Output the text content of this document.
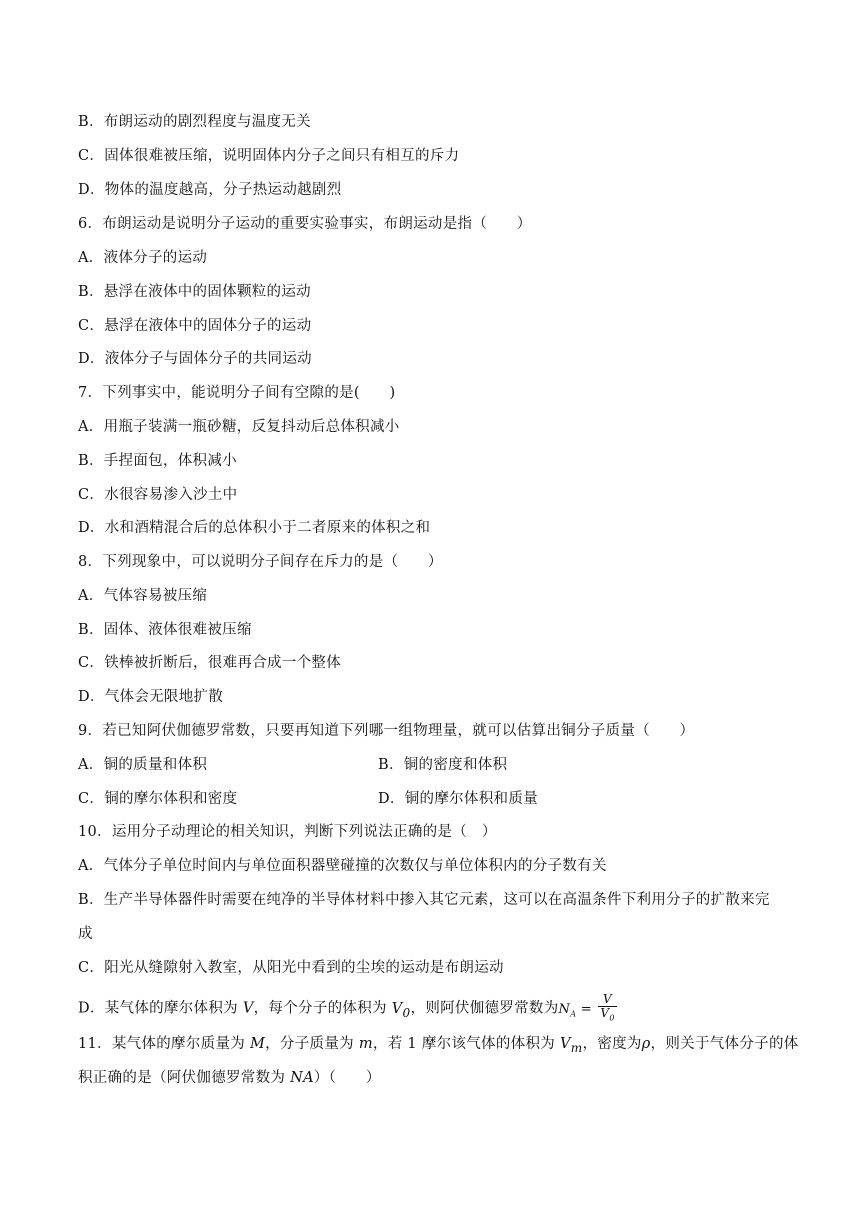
B．布朗运动的剧烈程度与温度无关
C．固体很难被压缩，说明固体内分子之间只有相互的斥力
D．物体的温度越高，分子热运动越剧烈
6．布朗运动是说明分子运动的重要实验事实，布朗运动是指（　　）
A．液体分子的运动
B．悬浮在液体中的固体颗粒的运动
C．悬浮在液体中的固体分子的运动
D．液体分子与固体分子的共同运动
7．下列事实中，能说明分子间有空隙的是(　　)
A．用瓶子装满一瓶砂糖，反复抖动后总体积减小
B．手捏面包，体积减小
C．水很容易渗入沙土中
D．水和酒精混合后的总体积小于二者原来的体积之和
8．下列现象中，可以说明分子间存在斥力的是（　　）
A．气体容易被压缩
B．固体、液体很难被压缩
C．铁棒被折断后，很难再合成一个整体
D．气体会无限地扩散
9．若已知阿伏伽德罗常数，只要再知道下列哪一组物理量，就可以估算出铜分子质量（　　）
A．铜的质量和体积	B．铜的密度和体积
C．铜的摩尔体积和密度	D．铜的摩尔体积和质量
10．运用分子动理论的相关知识，判断下列说法正确的是（　）
A．气体分子单位时间内与单位面积器壁碰撞的次数仅与单位体积内的分子数有关
B．生产半导体器件时需要在纯净的半导体材料中掺入其它元素，这可以在高温条件下利用分子的扩散来完
成
C．阳光从缝隙射入教室，从阳光中看到的尘埃的运动是布朗运动
D．某气体的摩尔体积为 V，每个分子的体积为 $V_0$，则阿伏伽德罗常数为$N_A = \frac{V}{V_0}$
11．某气体的摩尔质量为 M，分子质量为 m，若 1 摩尔该气体的体积为 $V_m$，密度为ρ，则关于气体分子的体
积正确的是（阿伏伽德罗常数为 NA）（　　）
